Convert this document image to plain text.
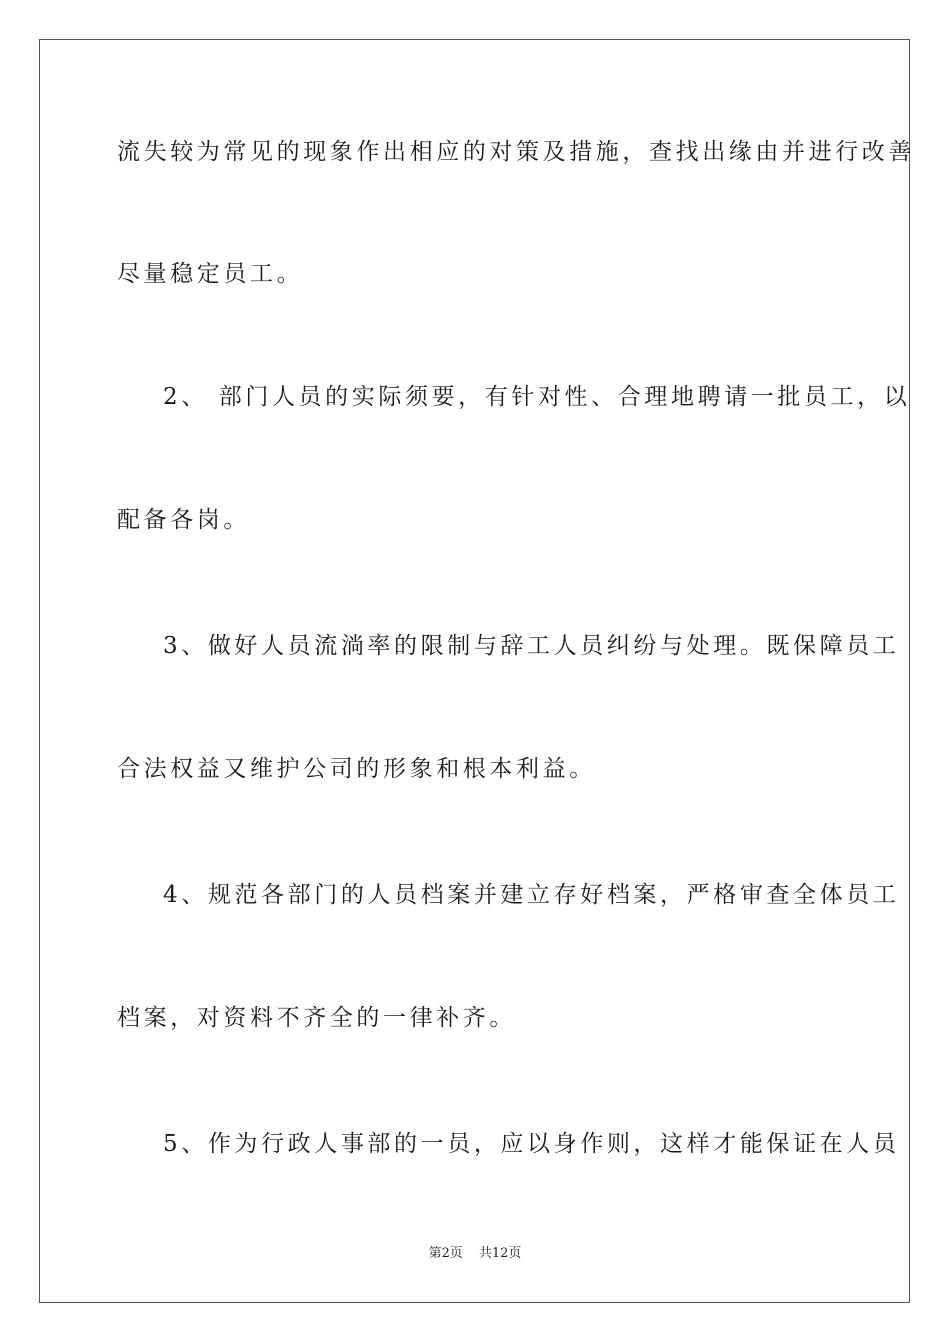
流失较为常见的现象作出相应的对策及措施，查找出缘由并进行改善
尽量稳定员工。
2、 部门人员的实际须要，有针对性、合理地聘请一批员工，以
配备各岗。
3、做好人员流淌率的限制与辞工人员纠纷与处理。既保障员工
合法权益又维护公司的形象和根本利益。
4、规范各部门的人员档案并建立存好档案，严格审查全体员工
档案，对资料不齐全的一律补齐。
5、作为行政人事部的一员，应以身作则，这样才能保证在人员
第2页 共12页
